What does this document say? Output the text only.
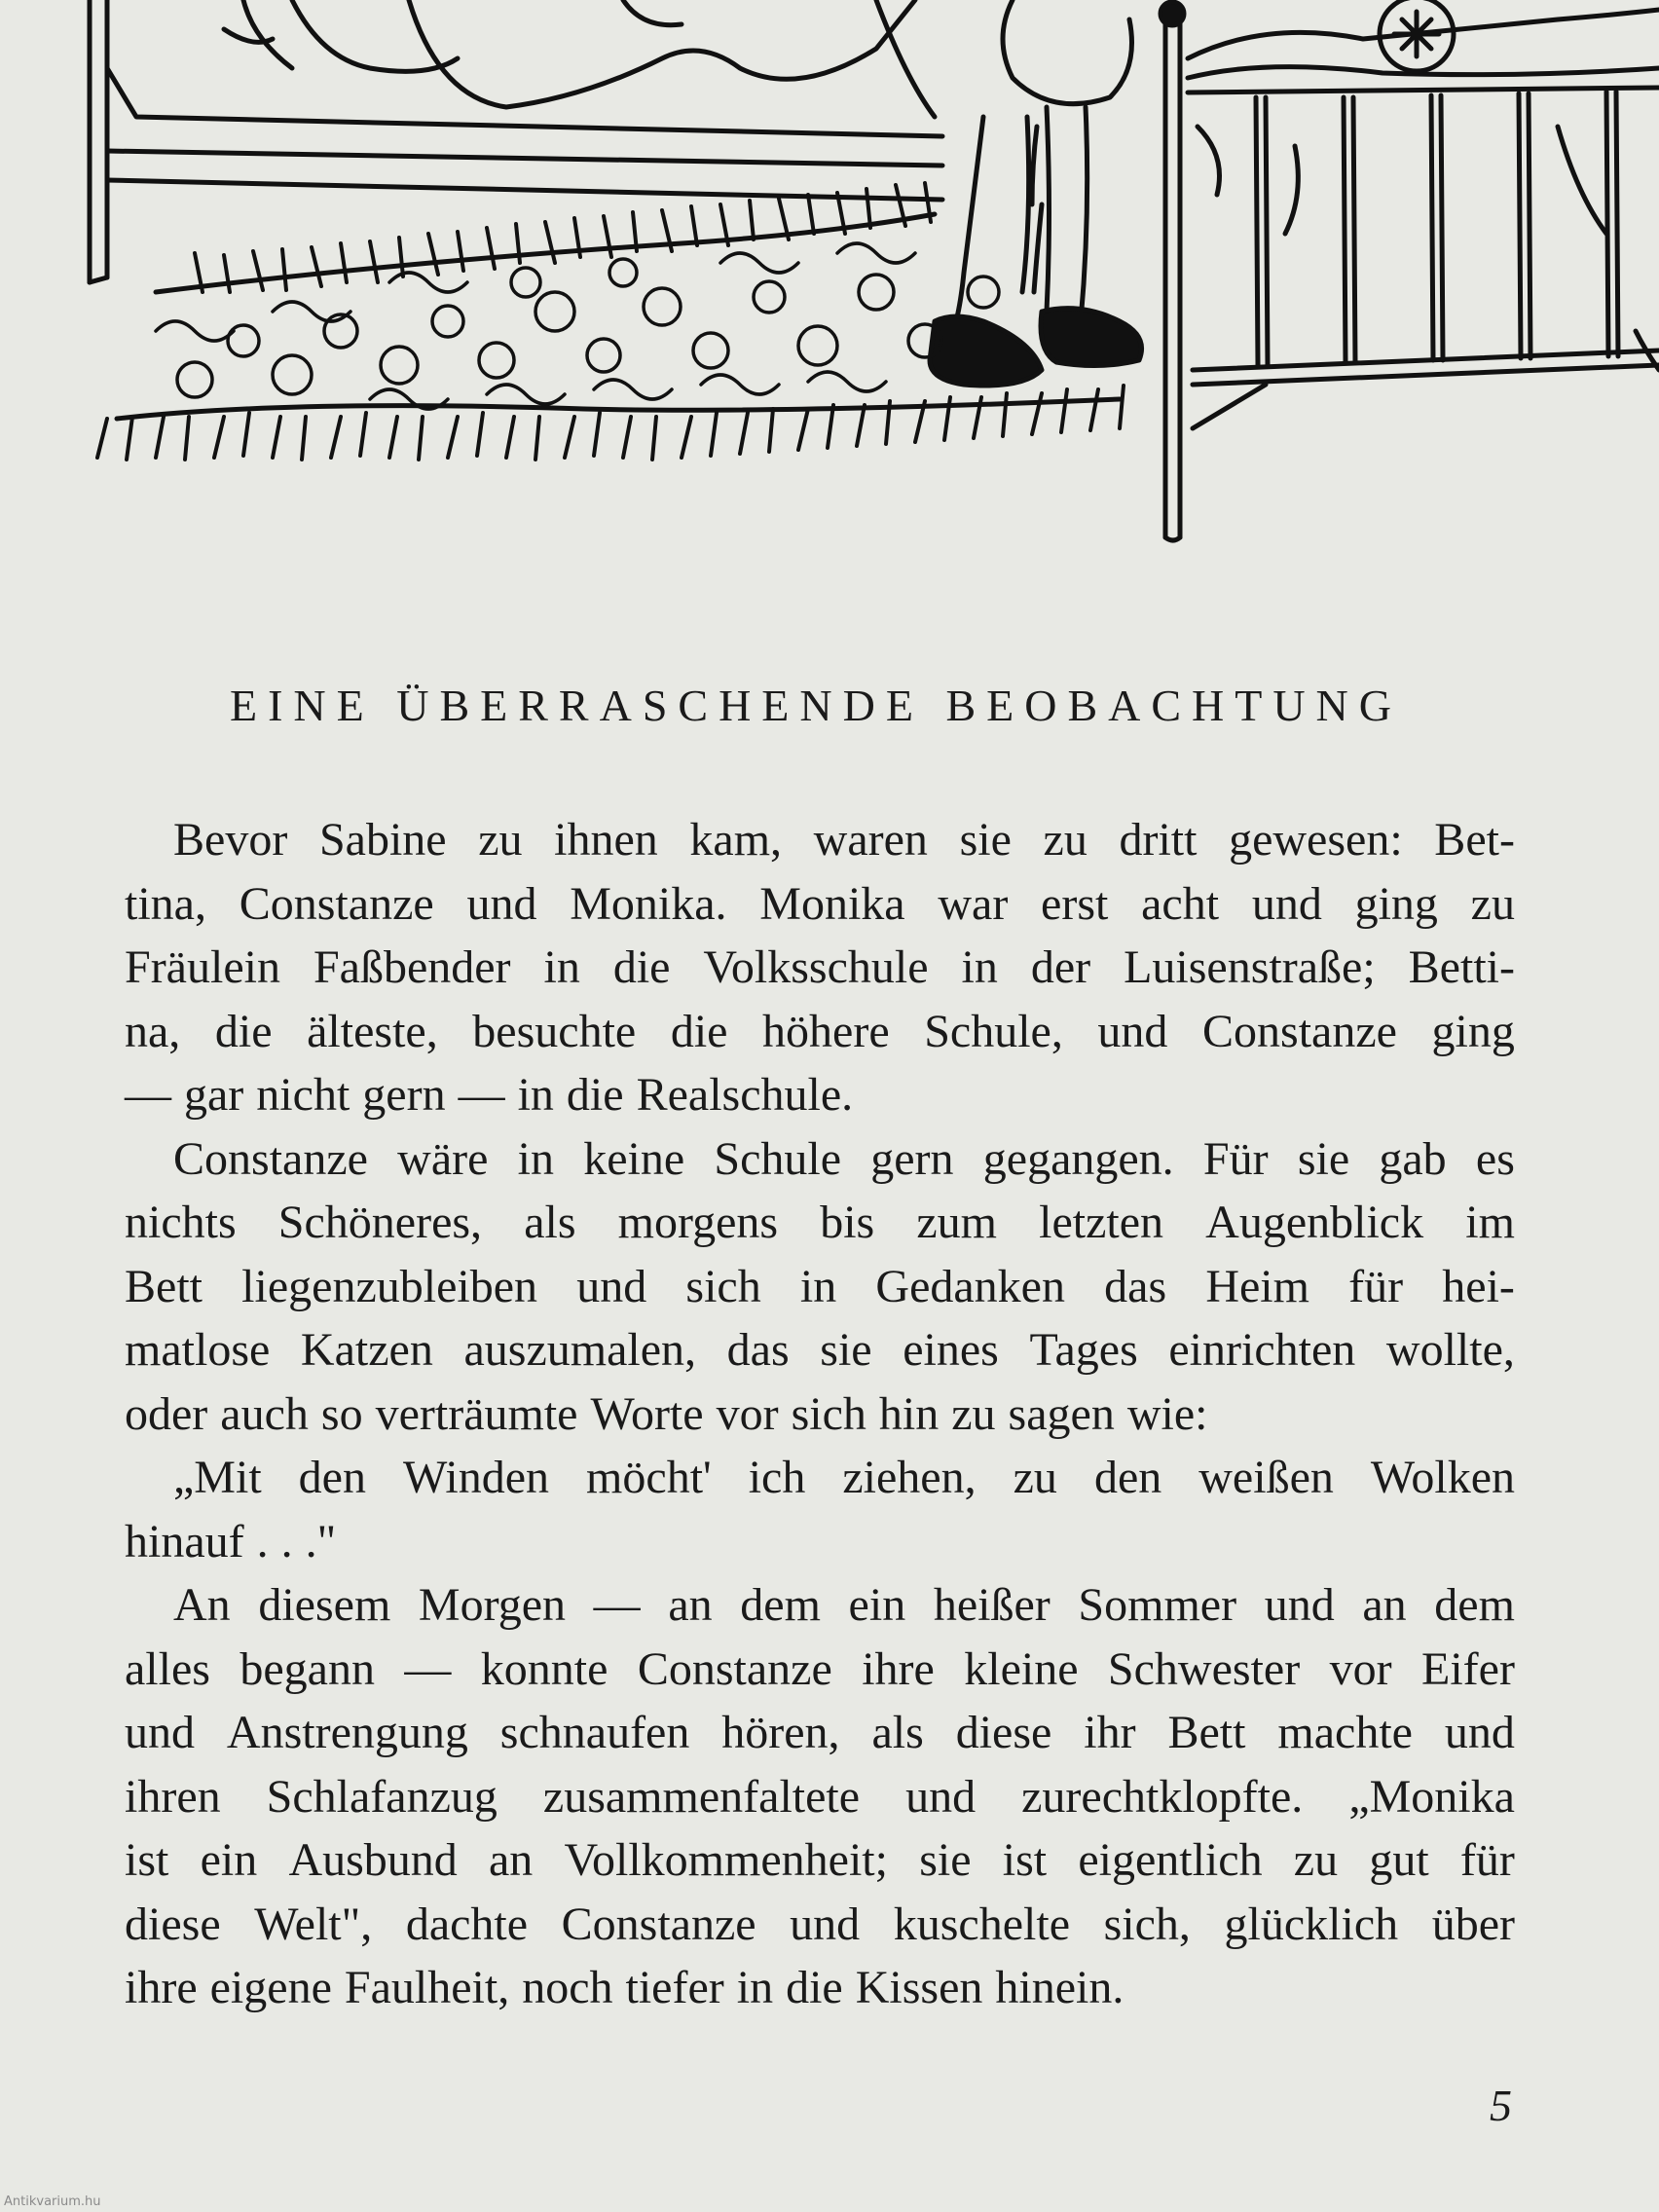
EINE ÜBERRASCHENDE BEOBACHTUNG
Bevor Sabine zu ihnen kam, waren sie zu dritt gewesen: Bet-
tina, Constanze und Monika. Monika war erst acht und ging zu
Fräulein Faßbender in die Volksschule in der Luisenstraße; Betti-
na, die älteste, besuchte die höhere Schule, und Constanze ging
— gar nicht gern — in die Realschule.
Constanze wäre in keine Schule gern gegangen. Für sie gab es
nichts Schöneres, als morgens bis zum letzten Augenblick im
Bett liegenzubleiben und sich in Gedanken das Heim für hei-
matlose Katzen auszumalen, das sie eines Tages einrichten wollte,
oder auch so verträumte Worte vor sich hin zu sagen wie:
„Mit den Winden möcht' ich ziehen, zu den weißen Wolken
hinauf . . ."
An diesem Morgen — an dem ein heißer Sommer und an dem
alles begann — konnte Constanze ihre kleine Schwester vor Eifer
und Anstrengung schnaufen hören, als diese ihr Bett machte und
ihren Schlafanzug zusammenfaltete und zurechtklopfte. „Monika
ist ein Ausbund an Vollkommenheit; sie ist eigentlich zu gut für
diese Welt", dachte Constanze und kuschelte sich, glücklich über
ihre eigene Faulheit, noch tiefer in die Kissen hinein.
5
Antikvarium.hu
